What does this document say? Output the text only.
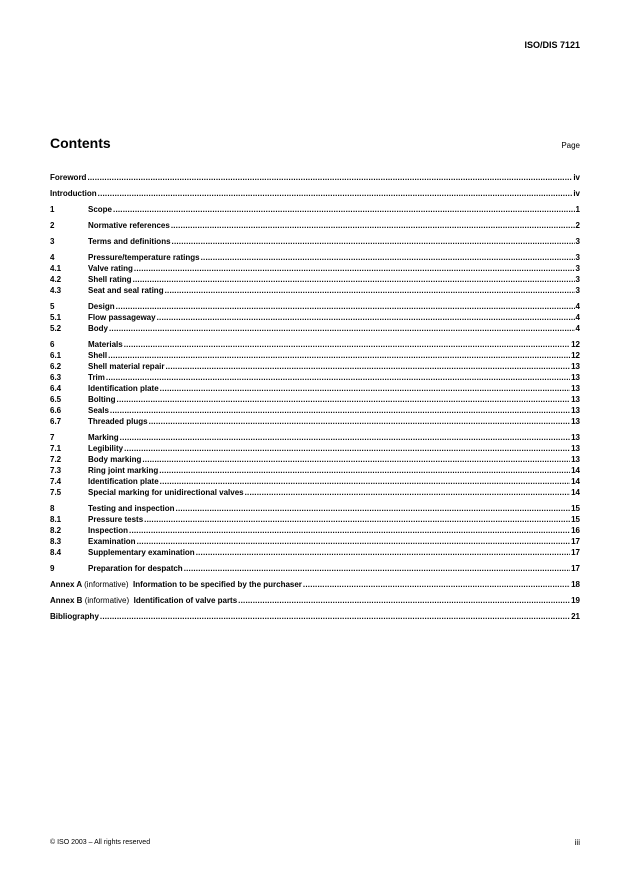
ISO/DIS 7121
Contents	Page
Foreword .....	iv
Introduction .....	iv
1	Scope .....	1
2	Normative references .....	2
3	Terms and definitions .....	3
4	Pressure/temperature ratings .....	3
4.1	Valve rating .....	3
4.2	Shell rating .....	3
4.3	Seat and seal rating .....	3
5	Design .....	4
5.1	Flow passageway .....	4
5.2	Body .....	4
6	Materials .....	12
6.1	Shell .....	12
6.2	Shell material repair .....	13
6.3	Trim .....	13
6.4	Identification plate .....	13
6.5	Bolting .....	13
6.6	Seals .....	13
6.7	Threaded plugs .....	13
7	Marking .....	13
7.1	Legibility .....	13
7.2	Body marking .....	13
7.3	Ring joint marking .....	14
7.4	Identification plate .....	14
7.5	Special marking for unidirectional valves .....	14
8	Testing and inspection .....	15
8.1	Pressure tests .....	15
8.2	Inspection .....	16
8.3	Examination .....	17
8.4	Supplementary examination .....	17
9	Preparation for despatch .....	17
Annex A (informative) Information to be specified by the purchaser .....	18
Annex B (informative) Identification of valve parts .....	19
Bibliography .....	21
© ISO 2003 – All rights reserved	iii
